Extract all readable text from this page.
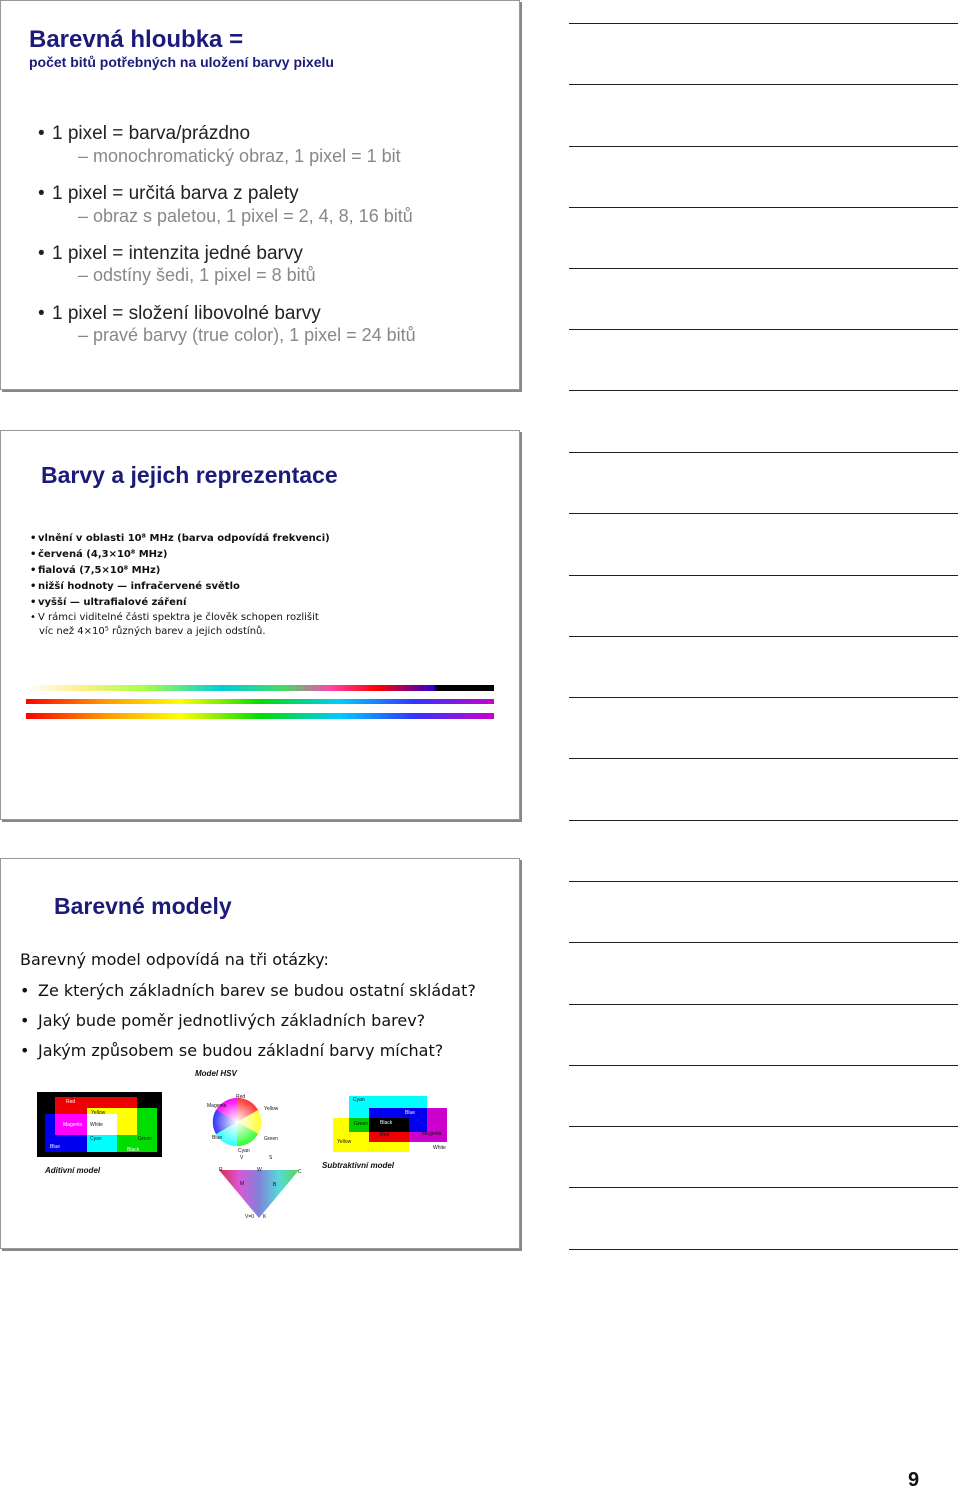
Barevná hloubka =
počet bitů potřebných na uložení barvy pixelu
• 1 pixel = barva/prázdno
– monochromatický obraz, 1 pixel = 1 bit
• 1 pixel = určitá barva z palety
– obraz s paletou, 1 pixel = 2, 4, 8, 16 bitů
• 1 pixel = intenzita jedné barvy
– odstíny šedi, 1 pixel = 8 bitů
• 1 pixel = složení libovolné barvy
– pravé barvy (true color), 1 pixel = 24 bitů
Barvy a jejich reprezentace
• vlnění v oblasti 10⁸ MHz (barva odpovídá frekvenci)
• červená (4,3×10⁸ MHz)
• fialová (7,5×10⁸ MHz)
• nižší hodnoty — infračervené světlo
• vyšší — ultrafialové záření
• V rámci viditelné části spektra je člověk schopen rozlišit
víc než 4×10⁵ různých barev a jejich odstínů.
Barevné modely
Barevný model odpovídá na tři otázky:
• Ze kterých základních barev se budou ostatní skládat?
• Jaký bude poměr jednotlivých základních barev?
• Jakým způsobem se budou základní barvy míchat?
Model HSV
Red
Yellow
Magenta White
Cyan	Green
Blue	Black
Aditivní model
Red
Yellow
Magenta
Green
Blue
Cyan
V	S
W
R	C
M	B
V=0 K
Cyan
Blue
Green Black
Magenta
Yellow
Red
White
Subtraktivní model
9
